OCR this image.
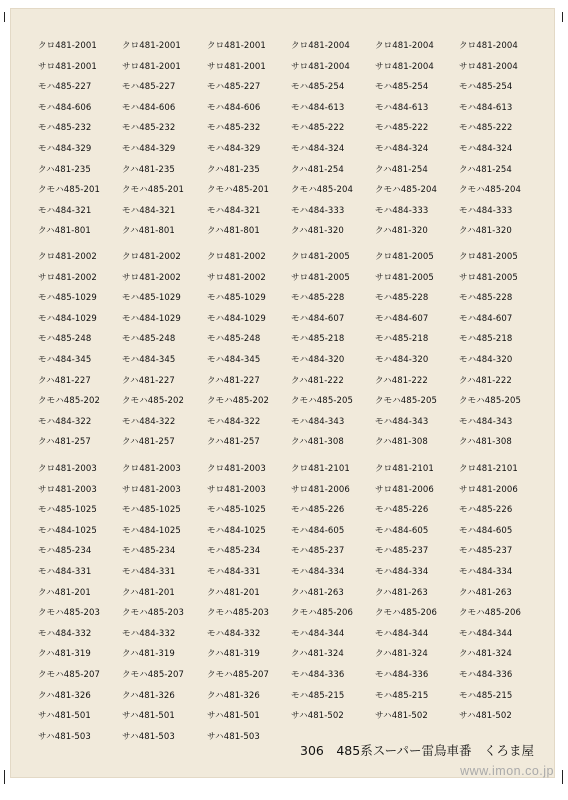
クロ481-2001	クロ481-2001	クロ481-2001	クロ481-2004	クロ481-2004	クロ481-2004
サロ481-2001	サロ481-2001	サロ481-2001	サロ481-2004	サロ481-2004	サロ481-2004
モハ485-227	モハ485-227	モハ485-227	モハ485-254	モハ485-254	モハ485-254
モハ484-606	モハ484-606	モハ484-606	モハ484-613	モハ484-613	モハ484-613
モハ485-232	モハ485-232	モハ485-232	モハ485-222	モハ485-222	モハ485-222
モハ484-329	モハ484-329	モハ484-329	モハ484-324	モハ484-324	モハ484-324
クハ481-235	クハ481-235	クハ481-235	クハ481-254	クハ481-254	クハ481-254
クモハ485-201	クモハ485-201	クモハ485-201	クモハ485-204	クモハ485-204	クモハ485-204
モハ484-321	モハ484-321	モハ484-321	モハ484-333	モハ484-333	モハ484-333
クハ481-801	クハ481-801	クハ481-801	クハ481-320	クハ481-320	クハ481-320
クロ481-2002	クロ481-2002	クロ481-2002	クロ481-2005	クロ481-2005	クロ481-2005
サロ481-2002	サロ481-2002	サロ481-2002	サロ481-2005	サロ481-2005	サロ481-2005
モハ485-1029	モハ485-1029	モハ485-1029	モハ485-228	モハ485-228	モハ485-228
モハ484-1029	モハ484-1029	モハ484-1029	モハ484-607	モハ484-607	モハ484-607
モハ485-248	モハ485-248	モハ485-248	モハ485-218	モハ485-218	モハ485-218
モハ484-345	モハ484-345	モハ484-345	モハ484-320	モハ484-320	モハ484-320
クハ481-227	クハ481-227	クハ481-227	クハ481-222	クハ481-222	クハ481-222
クモハ485-202	クモハ485-202	クモハ485-202	クモハ485-205	クモハ485-205	クモハ485-205
モハ484-322	モハ484-322	モハ484-322	モハ484-343	モハ484-343	モハ484-343
クハ481-257	クハ481-257	クハ481-257	クハ481-308	クハ481-308	クハ481-308
クロ481-2003	クロ481-2003	クロ481-2003	クロ481-2101	クロ481-2101	クロ481-2101
サロ481-2003	サロ481-2003	サロ481-2003	サロ481-2006	サロ481-2006	サロ481-2006
モハ485-1025	モハ485-1025	モハ485-1025	モハ485-226	モハ485-226	モハ485-226
モハ484-1025	モハ484-1025	モハ484-1025	モハ484-605	モハ484-605	モハ484-605
モハ485-234	モハ485-234	モハ485-234	モハ485-237	モハ485-237	モハ485-237
モハ484-331	モハ484-331	モハ484-331	モハ484-334	モハ484-334	モハ484-334
クハ481-201	クハ481-201	クハ481-201	クハ481-263	クハ481-263	クハ481-263
クモハ485-203	クモハ485-203	クモハ485-203	クモハ485-206	クモハ485-206	クモハ485-206
モハ484-332	モハ484-332	モハ484-332	モハ484-344	モハ484-344	モハ484-344
クハ481-319	クハ481-319	クハ481-319	クハ481-324	クハ481-324	クハ481-324
クモハ485-207	クモハ485-207	クモハ485-207	モハ484-336	モハ484-336	モハ484-336
クハ481-326	クハ481-326	クハ481-326	モハ485-215	モハ485-215	モハ485-215
サハ481-501	サハ481-501	サハ481-501	サハ481-502	サハ481-502	サハ481-502
サハ481-503	サハ481-503	サハ481-503
306　485系スーパー雷鳥車番　くろま屋
www.imon.co.jp
